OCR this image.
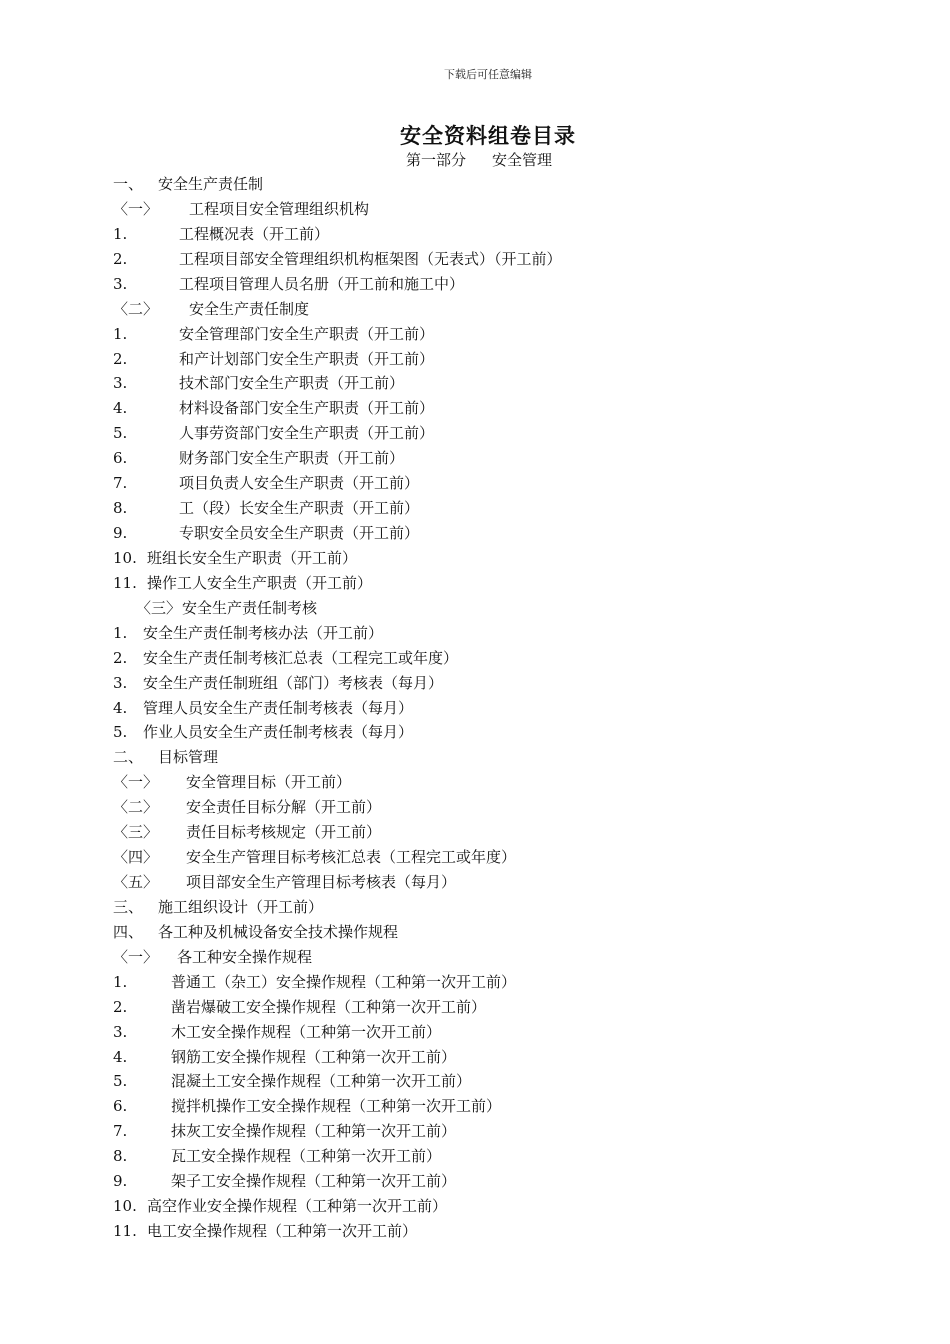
下载后可任意编辑
安全资料组卷目录
第一部分 安全管理
一、 安全生产责任制
〈一〉 工程项目安全管理组织机构
1.	工程概况表（开工前）
2.	工程项目部安全管理组织机构框架图（无表式）（开工前）
3.	工程项目管理人员名册（开工前和施工中）
〈二〉 安全生产责任制度
1.	安全管理部门安全生产职责（开工前）
2.	和产计划部门安全生产职责（开工前）
3.	技术部门安全生产职责（开工前）
4.	材料设备部门安全生产职责（开工前）
5.	人事劳资部门安全生产职责（开工前）
6.	财务部门安全生产职责（开工前）
7.	项目负责人安全生产职责（开工前）
8.	工（段）长安全生产职责（开工前）
9.	专职安全员安全生产职责（开工前）
10. 班组长安全生产职责（开工前）
11. 操作工人安全生产职责（开工前）
〈三〉 安全生产责任制考核
1. 安全生产责任制考核办法（开工前）
2. 安全生产责任制考核汇总表（工程完工或年度）
3. 安全生产责任制班组（部门）考核表（每月）
4. 管理人员安全生产责任制考核表（每月）
5. 作业人员安全生产责任制考核表（每月）
二、 目标管理
〈一〉 安全管理目标（开工前）
〈二〉 安全责任目标分解（开工前）
〈三〉 责任目标考核规定（开工前）
〈四〉 安全生产管理目标考核汇总表（工程完工或年度）
〈五〉 项目部安全生产管理目标考核表（每月）
三、 施工组织设计（开工前）
四、 各工种及机械设备安全技术操作规程
〈一〉 各工种安全操作规程
1.	普通工（杂工）安全操作规程（工种第一次开工前）
2.	凿岩爆破工安全操作规程（工种第一次开工前）
3.	木工安全操作规程（工种第一次开工前）
4.	钢筋工安全操作规程（工种第一次开工前）
5.	混凝土工安全操作规程（工种第一次开工前）
6.	搅拌机操作工安全操作规程（工种第一次开工前）
7.	抹灰工安全操作规程（工种第一次开工前）
8.	瓦工安全操作规程（工种第一次开工前）
9.	架子工安全操作规程（工种第一次开工前）
10. 高空作业安全操作规程（工种第一次开工前）
11. 电工安全操作规程（工种第一次开工前）
